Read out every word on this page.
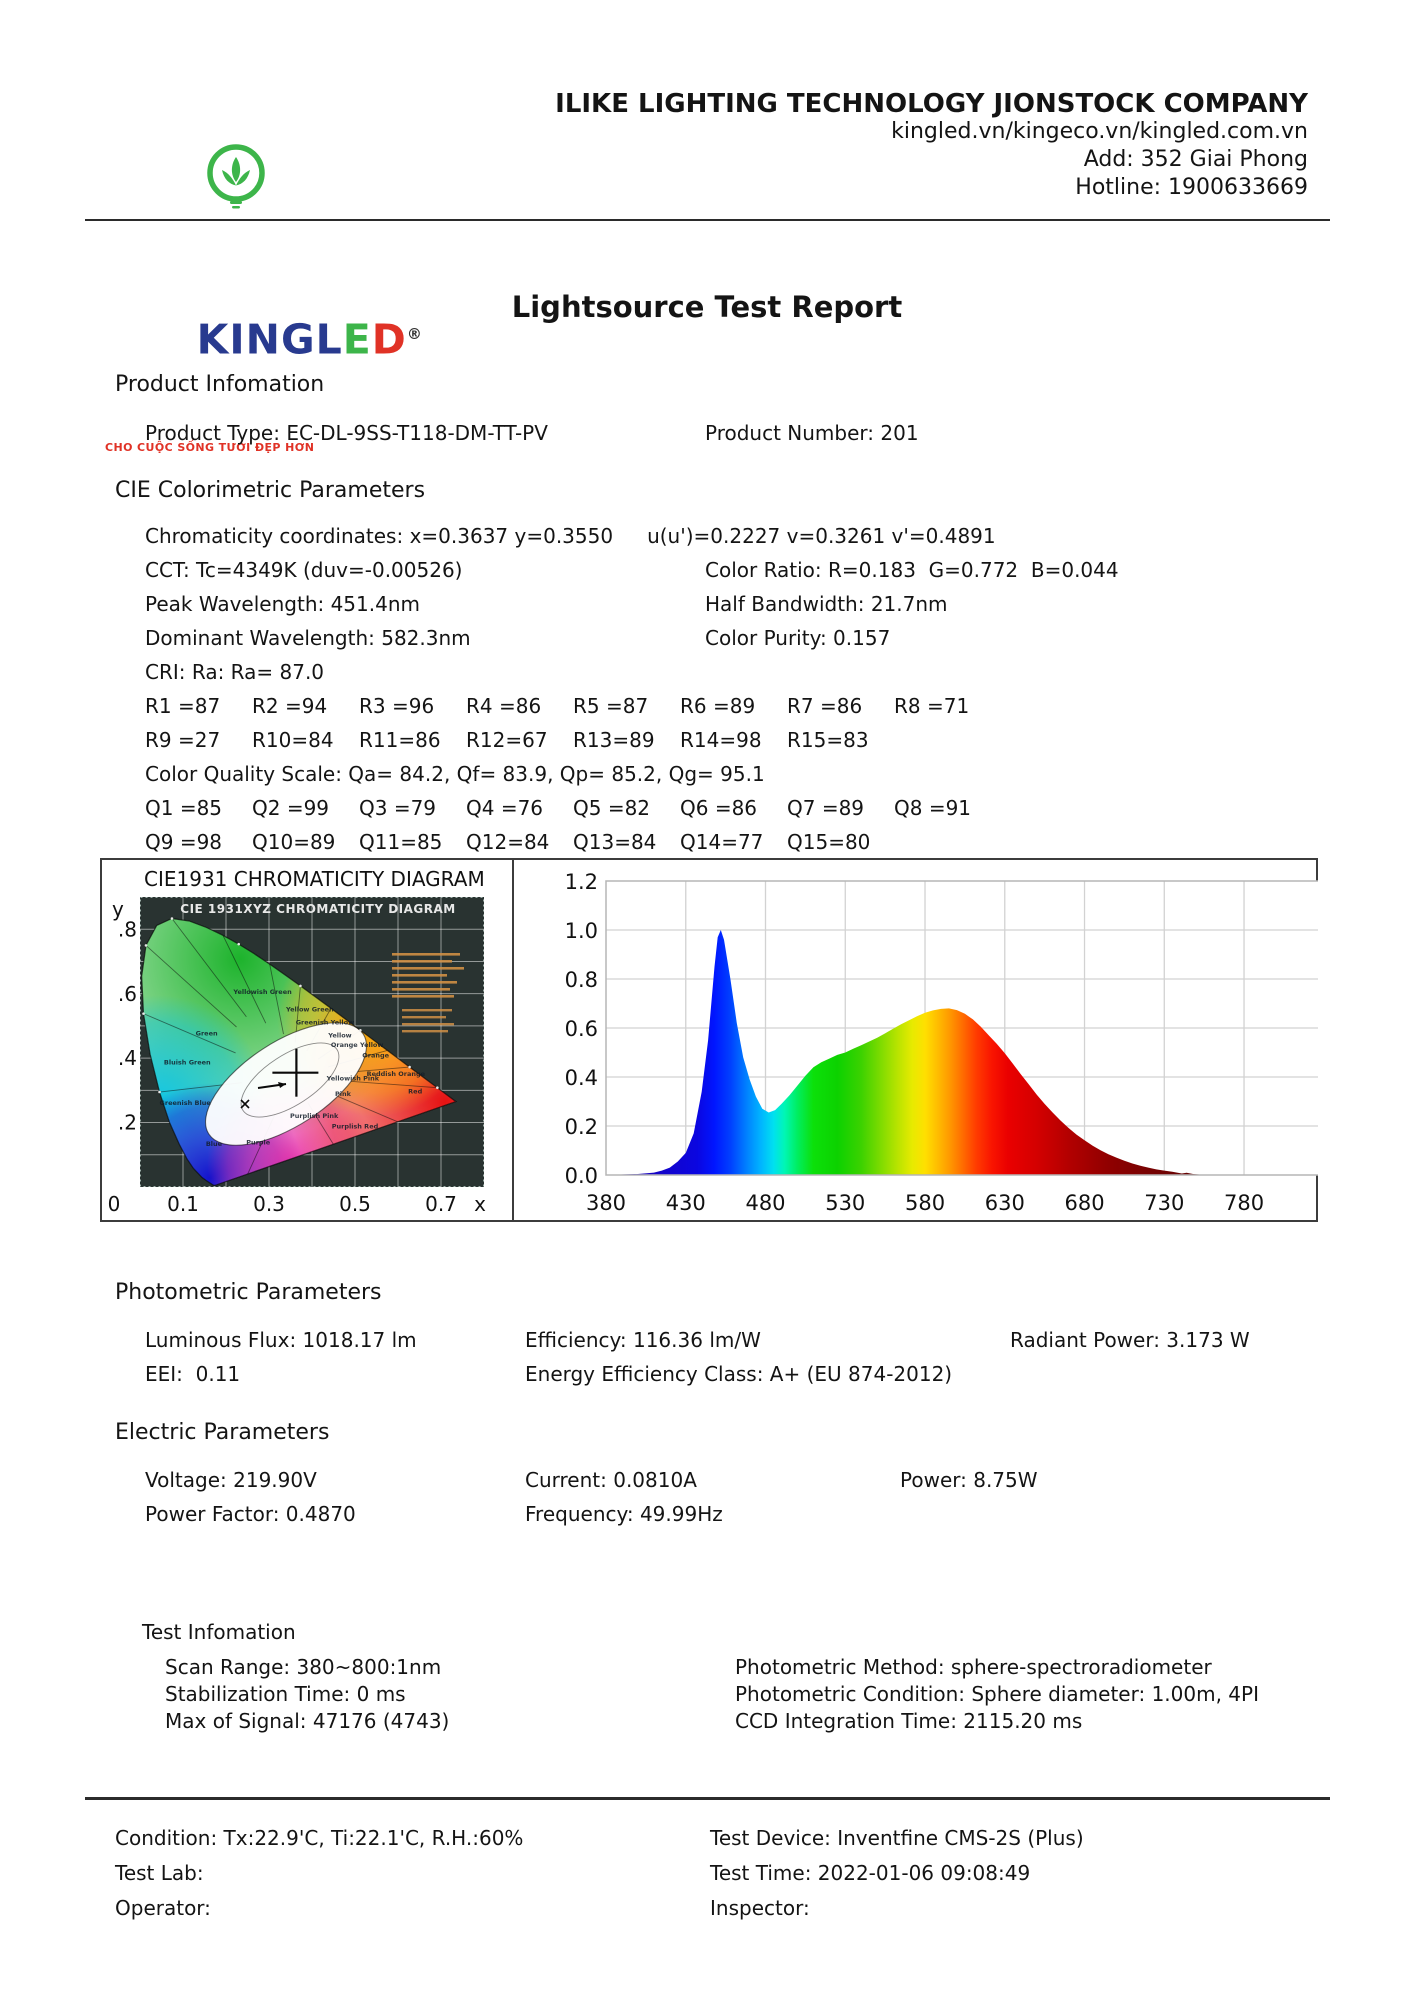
KINGLED®

CHO CUỘC SỐNG TƯƠI ĐẸP HƠN

ILIKE LIGHTING TECHNOLOGY JIONSTOCK COMPANY
kingled.vn/kingeco.vn/kingled.com.vn
Add: 352 Giai Phong
Hotline: 1900633669
Lightsource Test Report
Product Infomation
Product Type: EC-DL-9SS-T118-DM-TT-PV	Product Number: 201
CIE Colorimetric Parameters
Chromaticity coordinates: x=0.3637 y=0.3550 u(u')=0.2227 v=0.3261 v'=0.4891
CCT: Tc=4349K (duv=-0.00526)	Color Ratio: R=0.183  G=0.772  B=0.044
Peak Wavelength: 451.4nm	Half Bandwidth: 21.7nm
Dominant Wavelength: 582.3nm	Color Purity: 0.157
CRI: Ra: Ra= 87.0
R1 =87	R2 =94	R3 =96	R4 =86	R5 =87	R6 =89	R7 =86	R8 =71
R9 =27	R10=84	R11=86	R12=67	R13=89	R14=98	R15=83
Color Quality Scale: Qa= 84.2, Qf= 83.9, Qp= 85.2, Qg= 95.1
Q1 =85	Q2 =99	Q3 =79	Q4 =76	Q5 =82	Q6 =86	Q7 =89	Q8 =91
Q9 =98	Q10=89	Q11=85	Q12=84	Q13=84	Q14=77	Q15=80
CIE1931 CHROMATICITY DIAGRAM
y
Green
Bluish Green
Yellowish Green
Yellow Green
Greenish Yellow
Yellow
Orange Yellow
Orange
Reddish Orange
Red
Yellowish Pink
Pink
Purplish Pink
Purplish Red
Purple
Blue
Greenish Blue
CIE 1931XYZ CHROMATICITY DIAGRAM
.2
.4
.6
.8
0 0.1	0.3	0.5	0.7 x
0.0
0.2
0.4
0.6
0.8
1.0
1.2
380 430 480 530 580 630 680 730 780
Photometric Parameters
Luminous Flux: 1018.17 lm	Efficiency: 116.36 lm/W	Radiant Power: 3.173 W
EEI:  0.11	Energy Efficiency Class: A+ (EU 874-2012)
Electric Parameters
Voltage: 219.90V	Current: 0.0810A	Power: 8.75W
Power Factor: 0.4870	Frequency: 49.99Hz
Test Infomation
Scan Range: 380~800:1nm	Photometric Method: sphere-spectroradiometer
Stabilization Time: 0 ms	Photometric Condition: Sphere diameter: 1.00m, 4PI
Max of Signal: 47176 (4743)	CCD Integration Time: 2115.20 ms
Condition: Tx:22.9'C, Ti:22.1'C, R.H.:60%	Test Device: Inventfine CMS-2S (Plus)
Test Lab:	Test Time: 2022-01-06 09:08:49
Operator:	Inspector:
